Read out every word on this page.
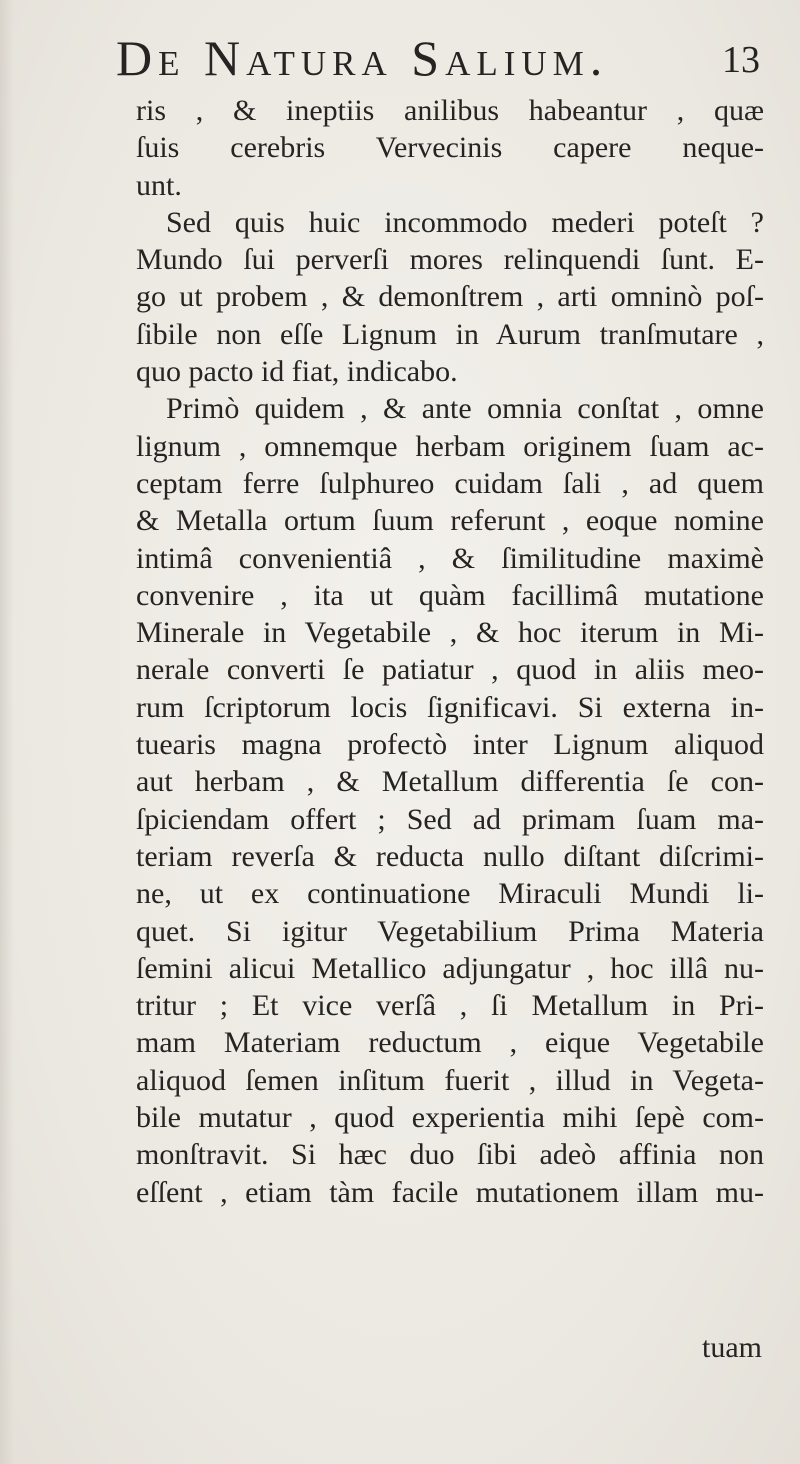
De Natura Salium.	13
ris , & ineptiis anilibus habeantur , quæ
ſuis cerebris Vervecinis capere neque-
unt.
Sed quis huic incommodo mederi poteſt ?
Mundo ſui perverſi mores relinquendi ſunt. E-
go ut probem , & demonſtrem , arti omninò poſ-
ſibile non eſſe Lignum in Aurum tranſmutare ,
quo pacto id fiat, indicabo.
Primò quidem , & ante omnia conſtat , omne
lignum , omnemque herbam originem ſuam ac-
ceptam ferre ſulphureo cuidam ſali , ad quem
& Metalla ortum ſuum referunt , eoque nomine
intimâ convenientiâ , & ſimilitudine maximè
convenire , ita ut quàm facillimâ mutatione
Minerale in Vegetabile , & hoc iterum in Mi-
nerale converti ſe patiatur , quod in aliis meo-
rum ſcriptorum locis ſignificavi. Si externa in-
tuearis magna profectò inter Lignum aliquod
aut herbam , & Metallum differentia ſe con-
ſpiciendam offert ; Sed ad primam ſuam ma-
teriam reverſa & reducta nullo diſtant diſcrimi-
ne, ut ex continuatione Miraculi Mundi li-
quet. Si igitur Vegetabilium Prima Materia
ſemini alicui Metallico adjungatur , hoc illâ nu-
tritur ; Et vice verſâ , ſi Metallum in Pri-
mam Materiam reductum , eique Vegetabile
aliquod ſemen inſitum fuerit , illud in Vegeta-
bile mutatur , quod experientia mihi ſepè com-
monſtravit. Si hæc duo ſibi adeò affinia non
eſſent , etiam tàm facile mutationem illam mu-
tuam
